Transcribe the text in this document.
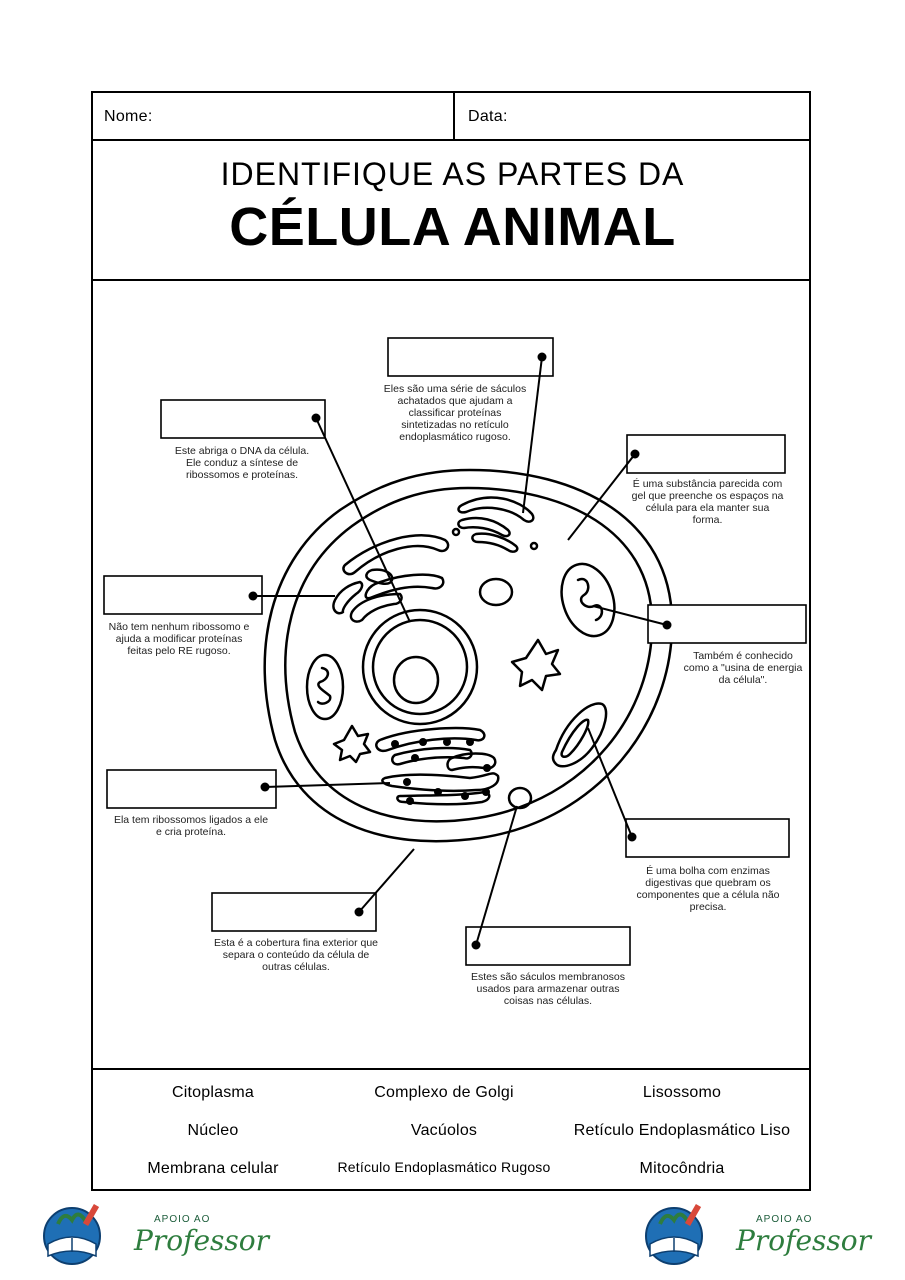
Nome:	Data:
IDENTIFIQUE AS PARTES DA
CÉLULA ANIMAL
Eles são uma série de sáculos achatados que ajudam a classificar proteínas sintetizadas no retículo endoplasmático rugoso.
Este abriga o DNA da célula. Ele conduz a síntese de ribossomos e proteínas.
É uma substância parecida com gel que preenche os espaços na célula para ela manter sua forma.
Não tem nenhum ribossomo e ajuda a modificar proteínas feitas pelo RE rugoso.	Também é conhecido como a "usina de energia da célula".
Ela tem ribossomos ligados a ele e cria proteína.
É uma bolha com enzimas digestivas que quebram os componentes que a célula não precisa.
Esta é a cobertura fina exterior que separa o conteúdo da célula de outras células.
Estes são sáculos membranosos usados para armazenar outras coisas nas células.
Citoplasma	Complexo de Golgi	Lisossomo
Núcleo	Vacúolos	Retículo Endoplasmático Liso
Membrana celular	Retículo Endoplasmático Rugoso	Mitocôndria
APOIO AO
Professor
APOIO AO
Professor
